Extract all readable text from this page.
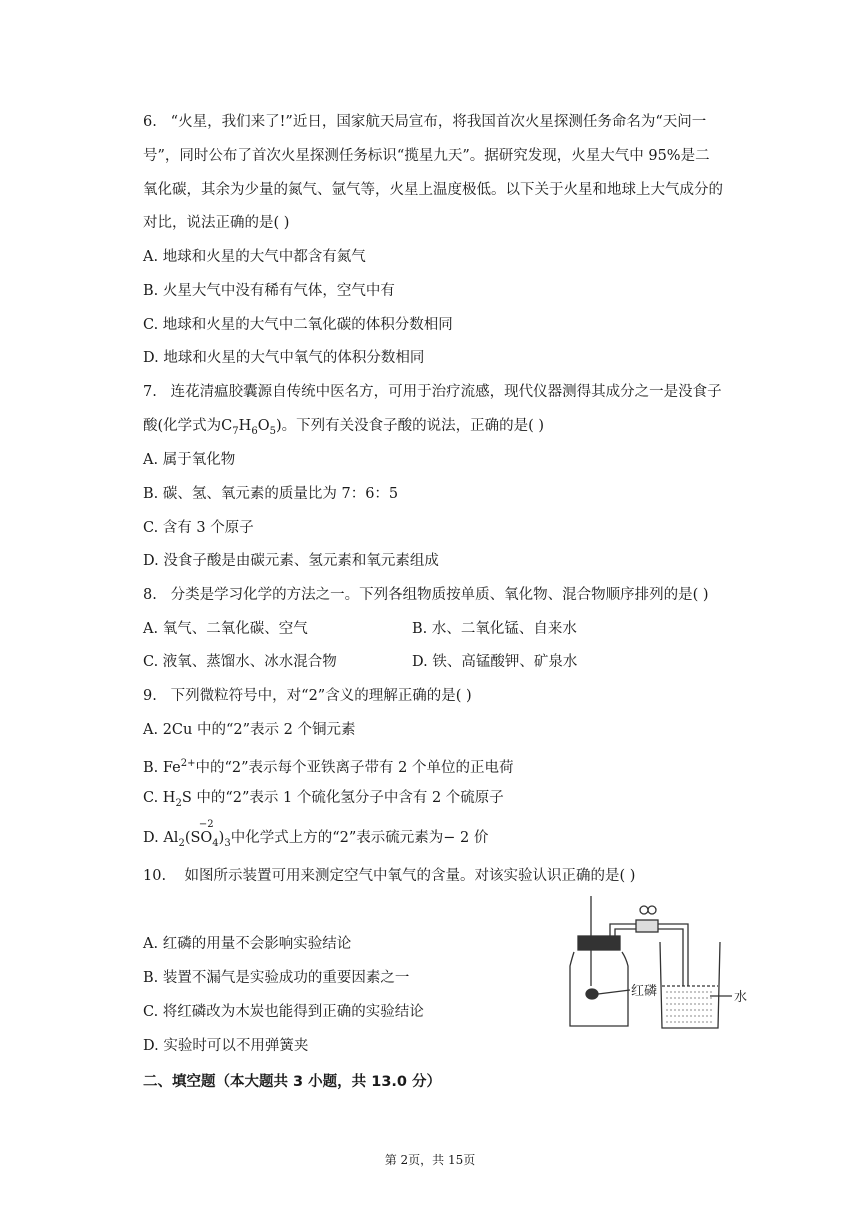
6. “火星，我们来了!”近日，国家航天局宣布，将我国首次火星探测任务命名为“天问一
号”，同时公布了首次火星探测任务标识“揽星九天”。据研究发现，火星大气中 95%是二
氧化碳，其余为少量的氮气、氩气等，火星上温度极低。以下关于火星和地球上大气成分的
对比，说法正确的是( )
A. 地球和火星的大气中都含有氮气
B. 火星大气中没有稀有气体，空气中有
C. 地球和火星的大气中二氧化碳的体积分数相同
D. 地球和火星的大气中氧气的体积分数相同
7. 连花清瘟胶囊源自传统中医名方，可用于治疗流感，现代仪器测得其成分之一是没食子
酸(化学式为$C_7H_6O_5$)。下列有关没食子酸的说法，正确的是( )
A. 属于氧化物
B. 碳、氢、氧元素的质量比为 7：6：5
C. 含有 3 个原子
D. 没食子酸是由碳元素、氢元素和氧元素组成
8. 分类是学习化学的方法之一。下列各组物质按单质、氧化物、混合物顺序排列的是( )
A. 氧气、二氧化碳、空气	B. 水、二氧化锰、自来水
C. 液氧、蒸馏水、冰水混合物	D. 铁、高锰酸钾、矿泉水
9. 下列微粒符号中，对“2”含义的理解正确的是( )
A. 2Cu 中的“2”表示 2 个铜元素
B. $Fe^{2+}$中的“2”表示每个亚铁离子带有 2 个单位的正电荷
C. $H_2S$ 中的“2”表示 1 个硫化氢分子中含有 2 个硫原子
D. $Al_2$
−2
$(SO_4)_3$中化学式上方的“2”表示硫元素为− 2 价
10. 如图所示装置可用来测定空气中氧气的含量。对该实验认识正确的是( )
A. 红磷的用量不会影响实验结论
B. 装置不漏气是实验成功的重要因素之一
C. 将红磷改为木炭也能得到正确的实验结论
D. 实验时可以不用弹簧夹
红磷	水
二、填空题（本大题共 3 小题，共 13.0 分）
第 2页，共 15页
